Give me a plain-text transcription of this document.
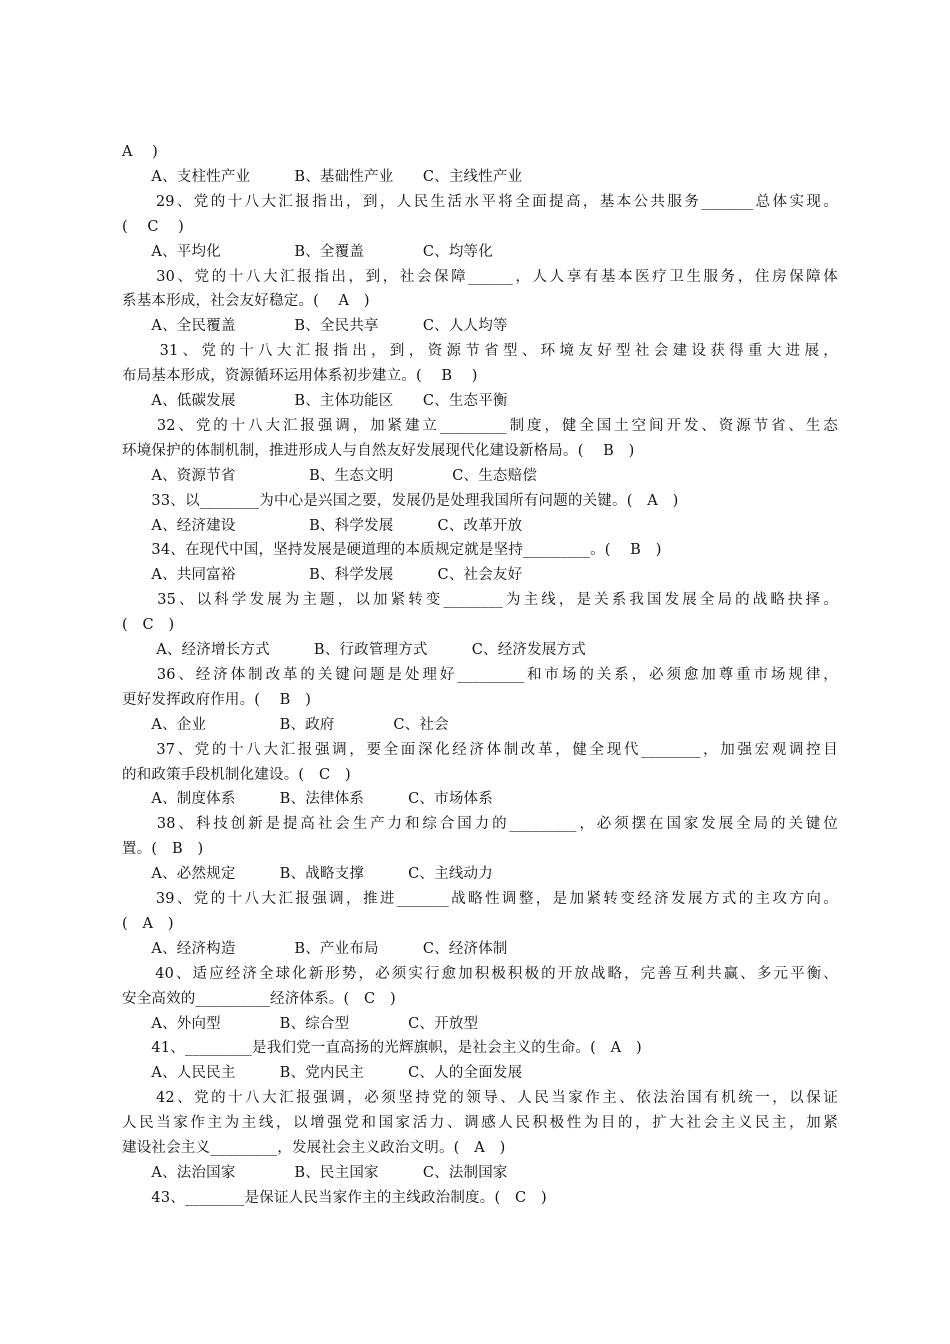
A　 )
　　A、支柱性产业　　　B、基础性产业　　C、主线性产业
　　29、党的十八大汇报指出，到，人民生活水平将全面提高，基本公共服务_______总体实现。
(　 C　 )
　　A、平均化　　　　　B、全覆盖　　　　C、均等化
　　30、党的十八大汇报指出，到，社会保障______，人人享有基本医疗卫生服务，住房保障体
系基本形成，社会友好稳定。(　 A　)
　　A、全民覆盖　　　　B、全民共享　　　C、人人均等
　　31、党的十八大汇报指出，到，资源节省型、环境友好型社会建设获得重大进展，
布局基本形成，资源循环运用体系初步建立。(　 B　 )
　　A、低碳发展　　　　B、主体功能区　　C、生态平衡
　　32、党的十八大汇报强调，加紧建立_________制度，健全国土空间开发、资源节省、生态
环境保护的体制机制，推进形成人与自然友好发展现代化建设新格局。(　 B　)
　　A、资源节省　　　　　B、生态文明　　　　C、生态赔偿
　　33、以________为中心是兴国之要，发展仍是处理我国所有问题的关键。(　A　)
　　A、经济建设　　　　　B、科学发展　　　C、改革开放
　　34、在现代中国，坚持发展是硬道理的本质规定就是坚持_________。(　 B　)
　　A、共同富裕　　　　　B、科学发展　　　C、社会友好
　　35、以科学发展为主题，以加紧转变________为主线，是关系我国发展全局的战略抉择。
(　C　)
　　 A、经济增长方式　　　B、行政管理方式　　　C、经济发展方式
　　36、经济体制改革的关键问题是处理好_________和市场的关系，必须愈加尊重市场规律，
更好发挥政府作用。(　 B　)
　　A、企业　　　　　B、政府　　　　C、社会
　　37、党的十八大汇报强调，要全面深化经济体制改革，健全现代________，加强宏观调控目
的和政策手段机制化建设。(　C　)
　　A、制度体系　　　B、法律体系　　　C、市场体系
　　38、科技创新是提高社会生产力和综合国力的_________，必须摆在国家发展全局的关键位
置。(　B　)
　　A、必然规定　　　B、战略支撑　　　C、主线动力
　　39、党的十八大汇报强调，推进_______战略性调整，是加紧转变经济发展方式的主攻方向。
(　A　)
　　A、经济构造　　　　B、产业布局　　　C、经济体制
　　40、适应经济全球化新形势，必须实行愈加积极积极的开放战略，完善互利共赢、多元平衡、
安全高效的__________经济体系。(　C　)
　　A、外向型　　　　B、综合型　　　　C、开放型
　　41、_________是我们党一直高扬的光辉旗帜，是社会主义的生命。(　A　)
　　A、人民民主　　　B、党内民主　　　C、人的全面发展
　　42、党的十八大汇报强调，必须坚持党的领导、人民当家作主、依法治国有机统一，以保证
人民当家作主为主线，以增强党和国家活力、调感人民积极性为目的，扩大社会主义民主，加紧
建设社会主义_________，发展社会主义政治文明。(　A　)
　　A、法治国家　　　　B、民主国家　　　C、法制国家
　　43、________是保证人民当家作主的主线政治制度。(　C　)
